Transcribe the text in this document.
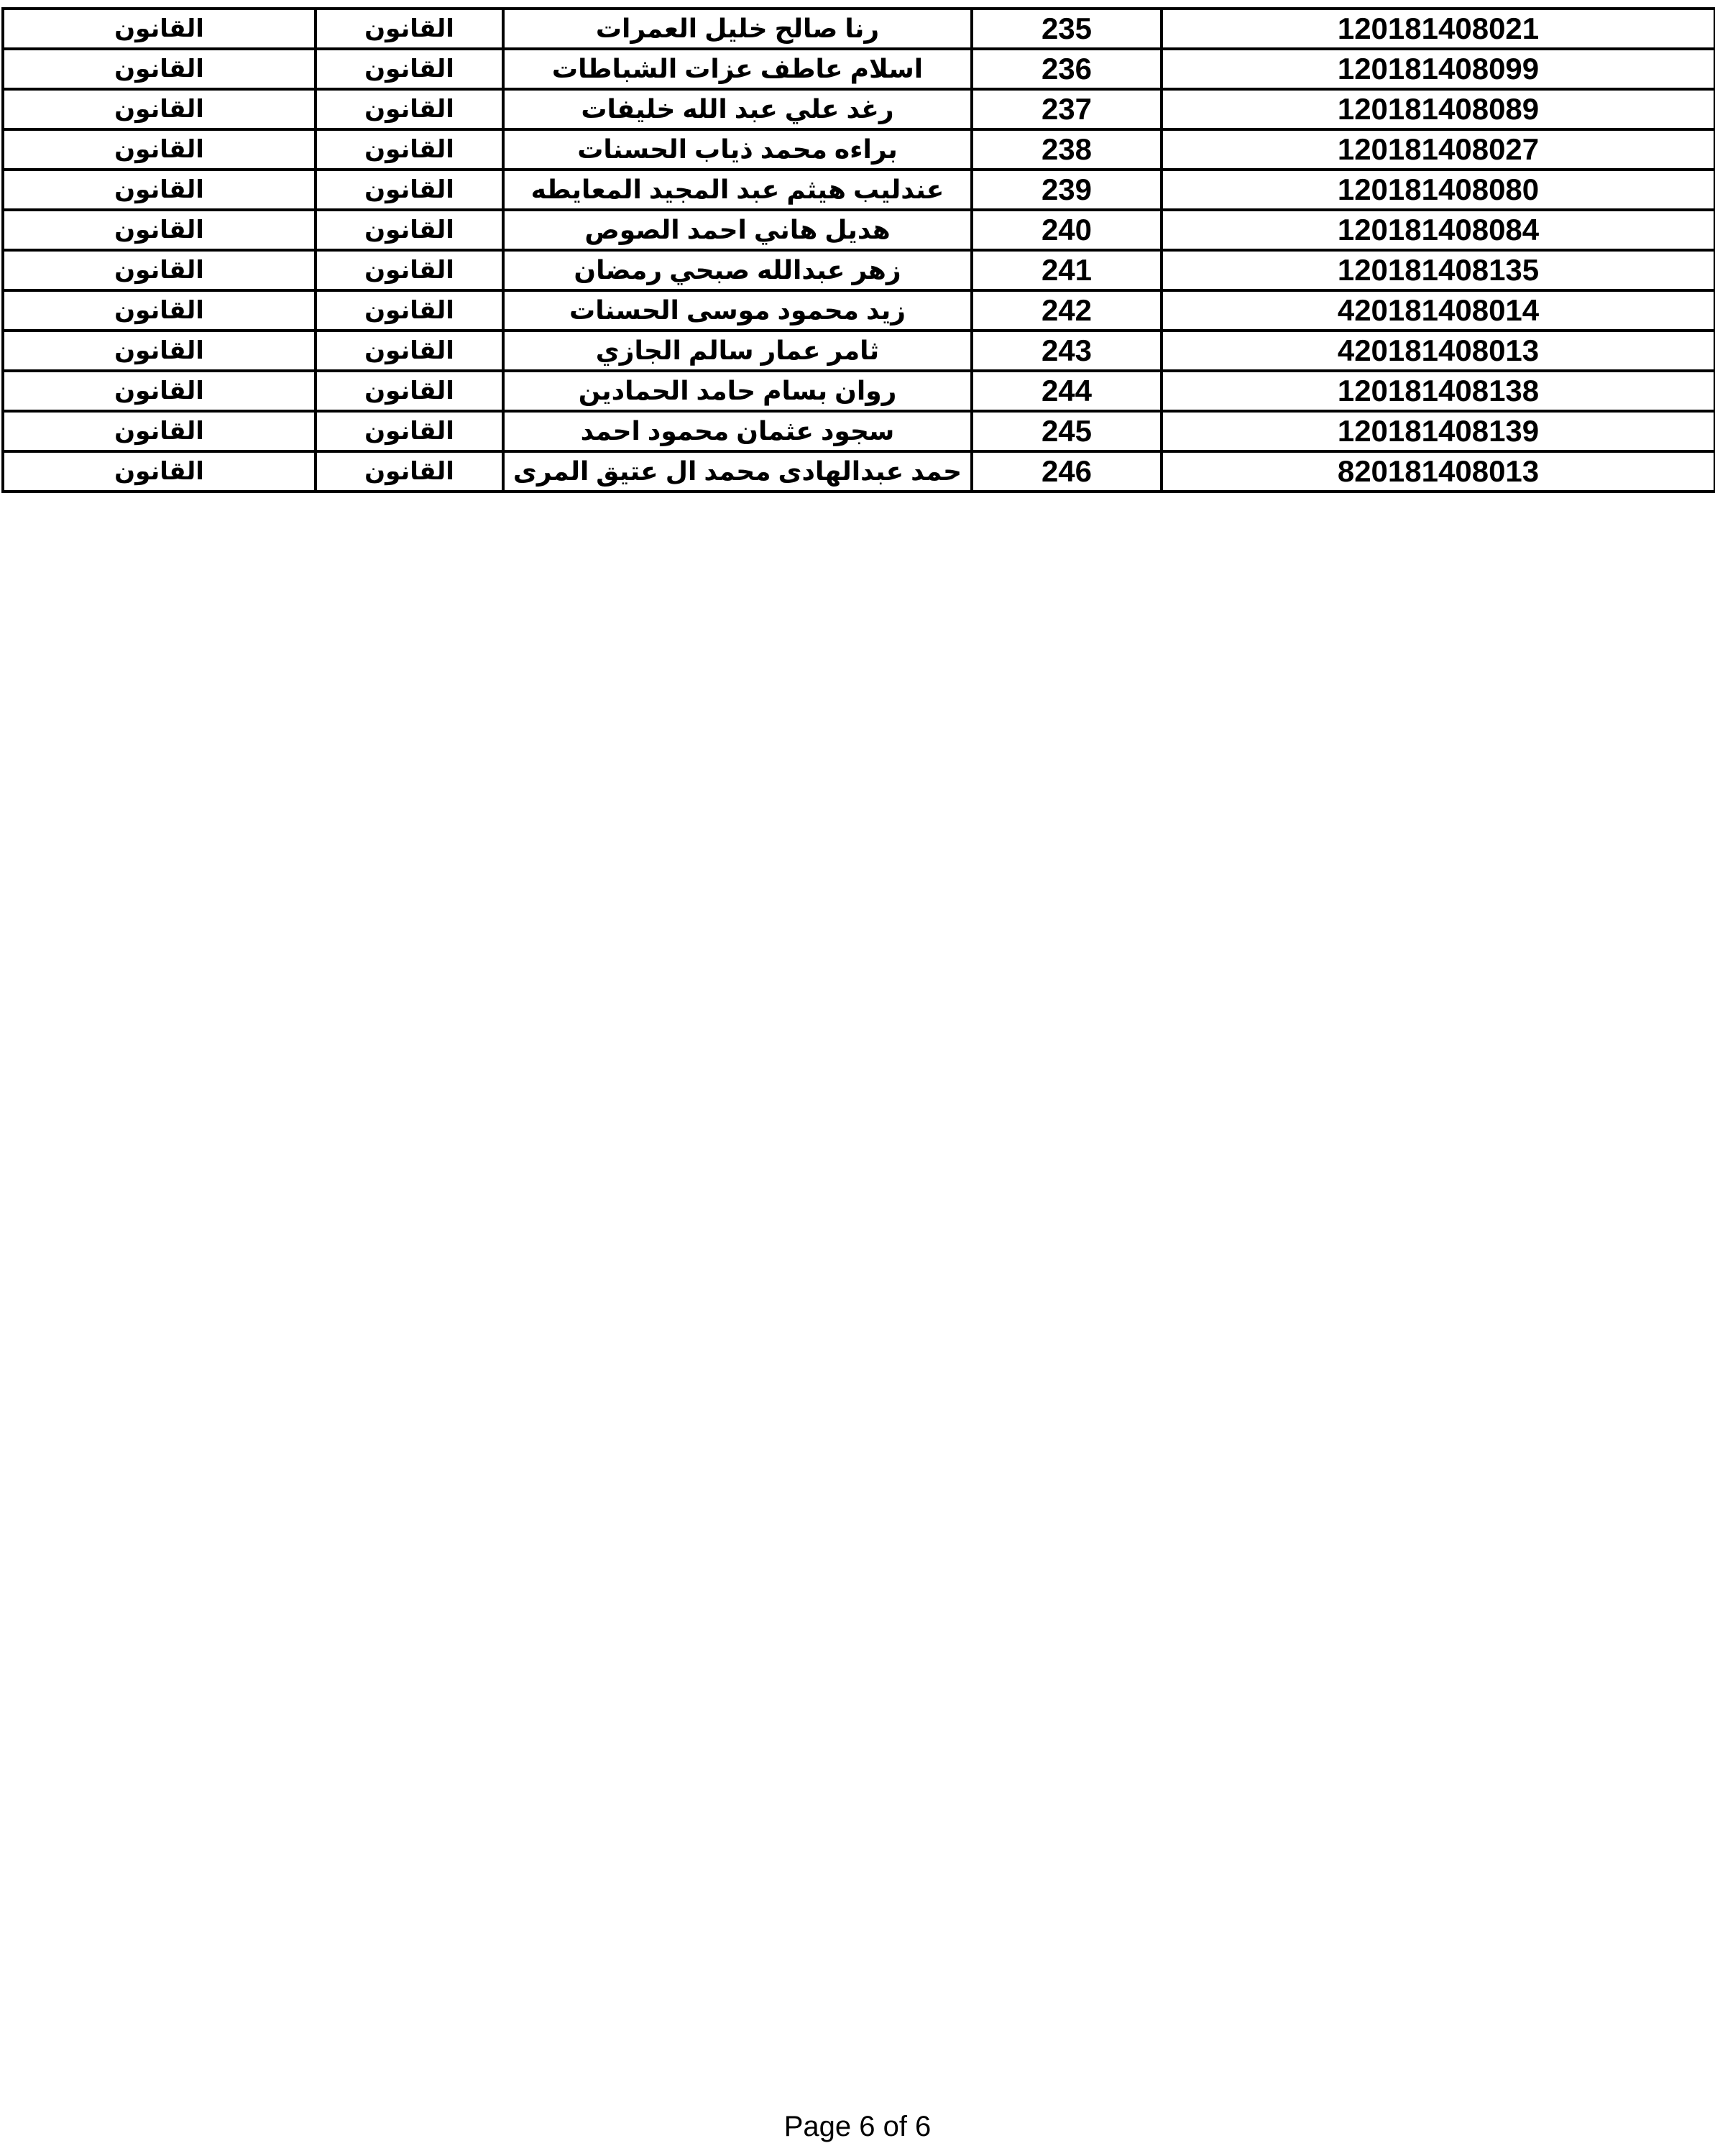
القانون	القانون	رنا صالح خليل العمرات	235	120181408021
القانون	القانون	اسلام عاطف عزات الشباطات	236	120181408099
القانون	القانون	رغد علي عبد الله خليفات	237	120181408089
القانون	القانون	براءه محمد ذياب الحسنات	238	120181408027
القانون	القانون	عندليب هيثم عبد المجيد المعايطه	239	120181408080
القانون	القانون	هديل هاني احمد الصوص	240	120181408084
القانون	القانون	زهر عبدالله صبحي رمضان	241	120181408135
القانون	القانون	زيد محمود موسى الحسنات	242	420181408014
القانون	القانون	ثامر عمار سالم الجازي	243	420181408013
القانون	القانون	روان بسام حامد الحمادين	244	120181408138
القانون	القانون	سجود عثمان محمود احمد	245	120181408139
القانون	القانون	حمد عبدالهادى محمد ال عتيق المرى	246	820181408013
Page 6 of 6
